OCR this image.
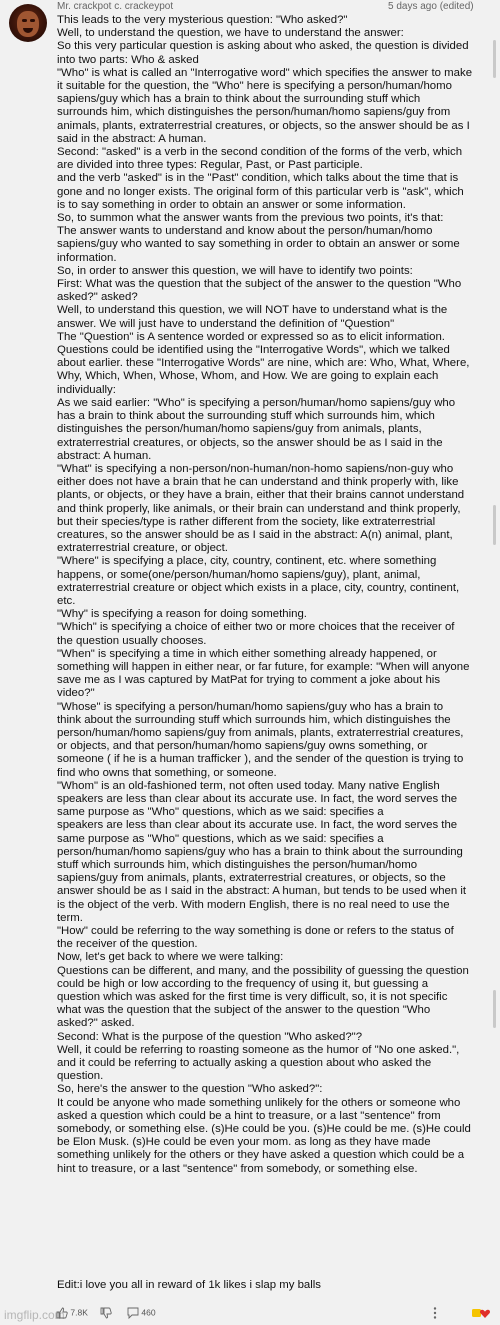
Mr. crackpot c. crackeypot	5 days ago (edited)

This leads to the very mysterious question: "Who asked?"

Well, to understand the question, we have to understand the answer:

So this very particular question is asking about who asked, the question is divided

into two parts: Who & asked

"Who" is what is called an "Interrogative word" which specifies the answer to make

it suitable for the question, the "Who" here is specifying a person/human/homo

sapiens/guy which has a brain to think about the surrounding stuff which

surrounds him, which distinguishes the person/human/homo sapiens/guy from

animals, plants, extraterrestrial creatures, or objects, so the answer should be as I

said in the abstract: A human.

Second: "asked" is a verb in the second condition of the forms of the verb, which

are divided into three types: Regular, Past, or Past participle.

and the verb "asked" is in the "Past" condition, which talks about the time that is

gone and no longer exists. The original form of this particular verb is "ask", which

is to say something in order to obtain an answer or some information.

So, to summon what the answer wants from the previous two points, it's that:

The answer wants to understand and know about the person/human/homo

sapiens/guy who wanted to say something in order to obtain an answer or some

information.

So, in order to answer this question, we will have to identify two points:

First: What was the question that the subject of the answer to the question "Who

asked?" asked?

Well, to understand this question, we will NOT have to understand what is the

answer. We will just have to understand the definition of "Question"

The "Question" is A sentence worded or expressed so as to elicit information.

Questions could be identified using the "Interrogative Words", which we talked

about earlier. these "Interrogative Words" are nine, which are: Who, What, Where,

Why, Which, When, Whose, Whom, and How. We are going to explain each

individually:

As we said earlier: "Who" is specifying a person/human/homo sapiens/guy who

has a brain to think about the surrounding stuff which surrounds him, which

distinguishes the person/human/homo sapiens/guy from animals, plants,

extraterrestrial creatures, or objects, so the answer should be as I said in the

abstract: A human.

"What" is specifying a non-person/non-human/non-homo sapiens/non-guy who

either does not have a brain that he can understand and think properly with, like

plants, or objects, or they have a brain, either that their brains cannot understand

and think properly, like animals, or their brain can understand and think properly,

but their species/type is rather different from the society, like extraterrestrial

creatures, so the answer should be as I said in the abstract: A(n) animal, plant,

extraterrestrial creature, or object.

"Where" is specifying a place, city, country, continent, etc. where something

happens, or some(one/person/human/homo sapiens/guy), plant, animal,

extraterrestrial creature or object which exists in a place, city, country, continent,

etc.

"Why" is specifying a reason for doing something.

"Which" is specifying a choice of either two or more choices that the receiver of

the question usually chooses.

"When" is specifying a time in which either something already happened, or

something will happen in either near, or far future, for example: "When will anyone

save me as I was captured by MatPat for trying to comment a joke about his

video?"

"Whose" is specifying a person/human/homo sapiens/guy who has a brain to

think about the surrounding stuff which surrounds him, which distinguishes the

person/human/homo sapiens/guy from animals, plants, extraterrestrial creatures,

or objects, and that person/human/homo sapiens/guy owns something, or

someone ( if he is a human trafficker ), and the sender of the question is trying to

find who owns that something, or someone.

"Whom" is an old-fashioned term, not often used today. Many native English

speakers are less than clear about its accurate use. In fact, the word serves the

same purpose as "Who" questions, which as we said: specifies a

speakers are less than clear about its accurate use. In fact, the word serves the

same purpose as "Who" questions, which as we said: specifies a

person/human/homo sapiens/guy who has a brain to think about the surrounding

stuff which surrounds him, which distinguishes the person/human/homo

sapiens/guy from animals, plants, extraterrestrial creatures, or objects, so the

answer should be as I said in the abstract: A human, but tends to be used when it

is the object of the verb. With modern English, there is no real need to use the

term.

"How" could be referring to the way something is done or refers to the status of

the receiver of the question.

Now, let's get back to where we were talking:

Questions can be different, and many, and the possibility of guessing the question

could be high or low according to the frequency of using it, but guessing a

question which was asked for the first time is very difficult, so, it is not specific

what was the question that the subject of the answer to the question "Who

asked?" asked.

Second: What is the purpose of the question "Who asked?"?

Well, it could be referring to roasting someone as the humor of "No one asked.",

and it could be referring to actually asking a question about who asked the

question.

So, here's the answer to the question "Who asked?":

It could be anyone who made something unlikely for the others or someone who

asked a question which could be a hint to treasure, or a last "sentence" from

somebody, or something else. (s)He could be you. (s)He could be me. (s)He could

be Elon Musk. (s)He could be even your mom. as long as they have made

something unlikely for the others or they have asked a question which could be a

hint to treasure, or a last "sentence" from somebody, or something else.

Edit:i love you all in reward of 1k likes i slap my balls
imgflip.com 7.8K	460
